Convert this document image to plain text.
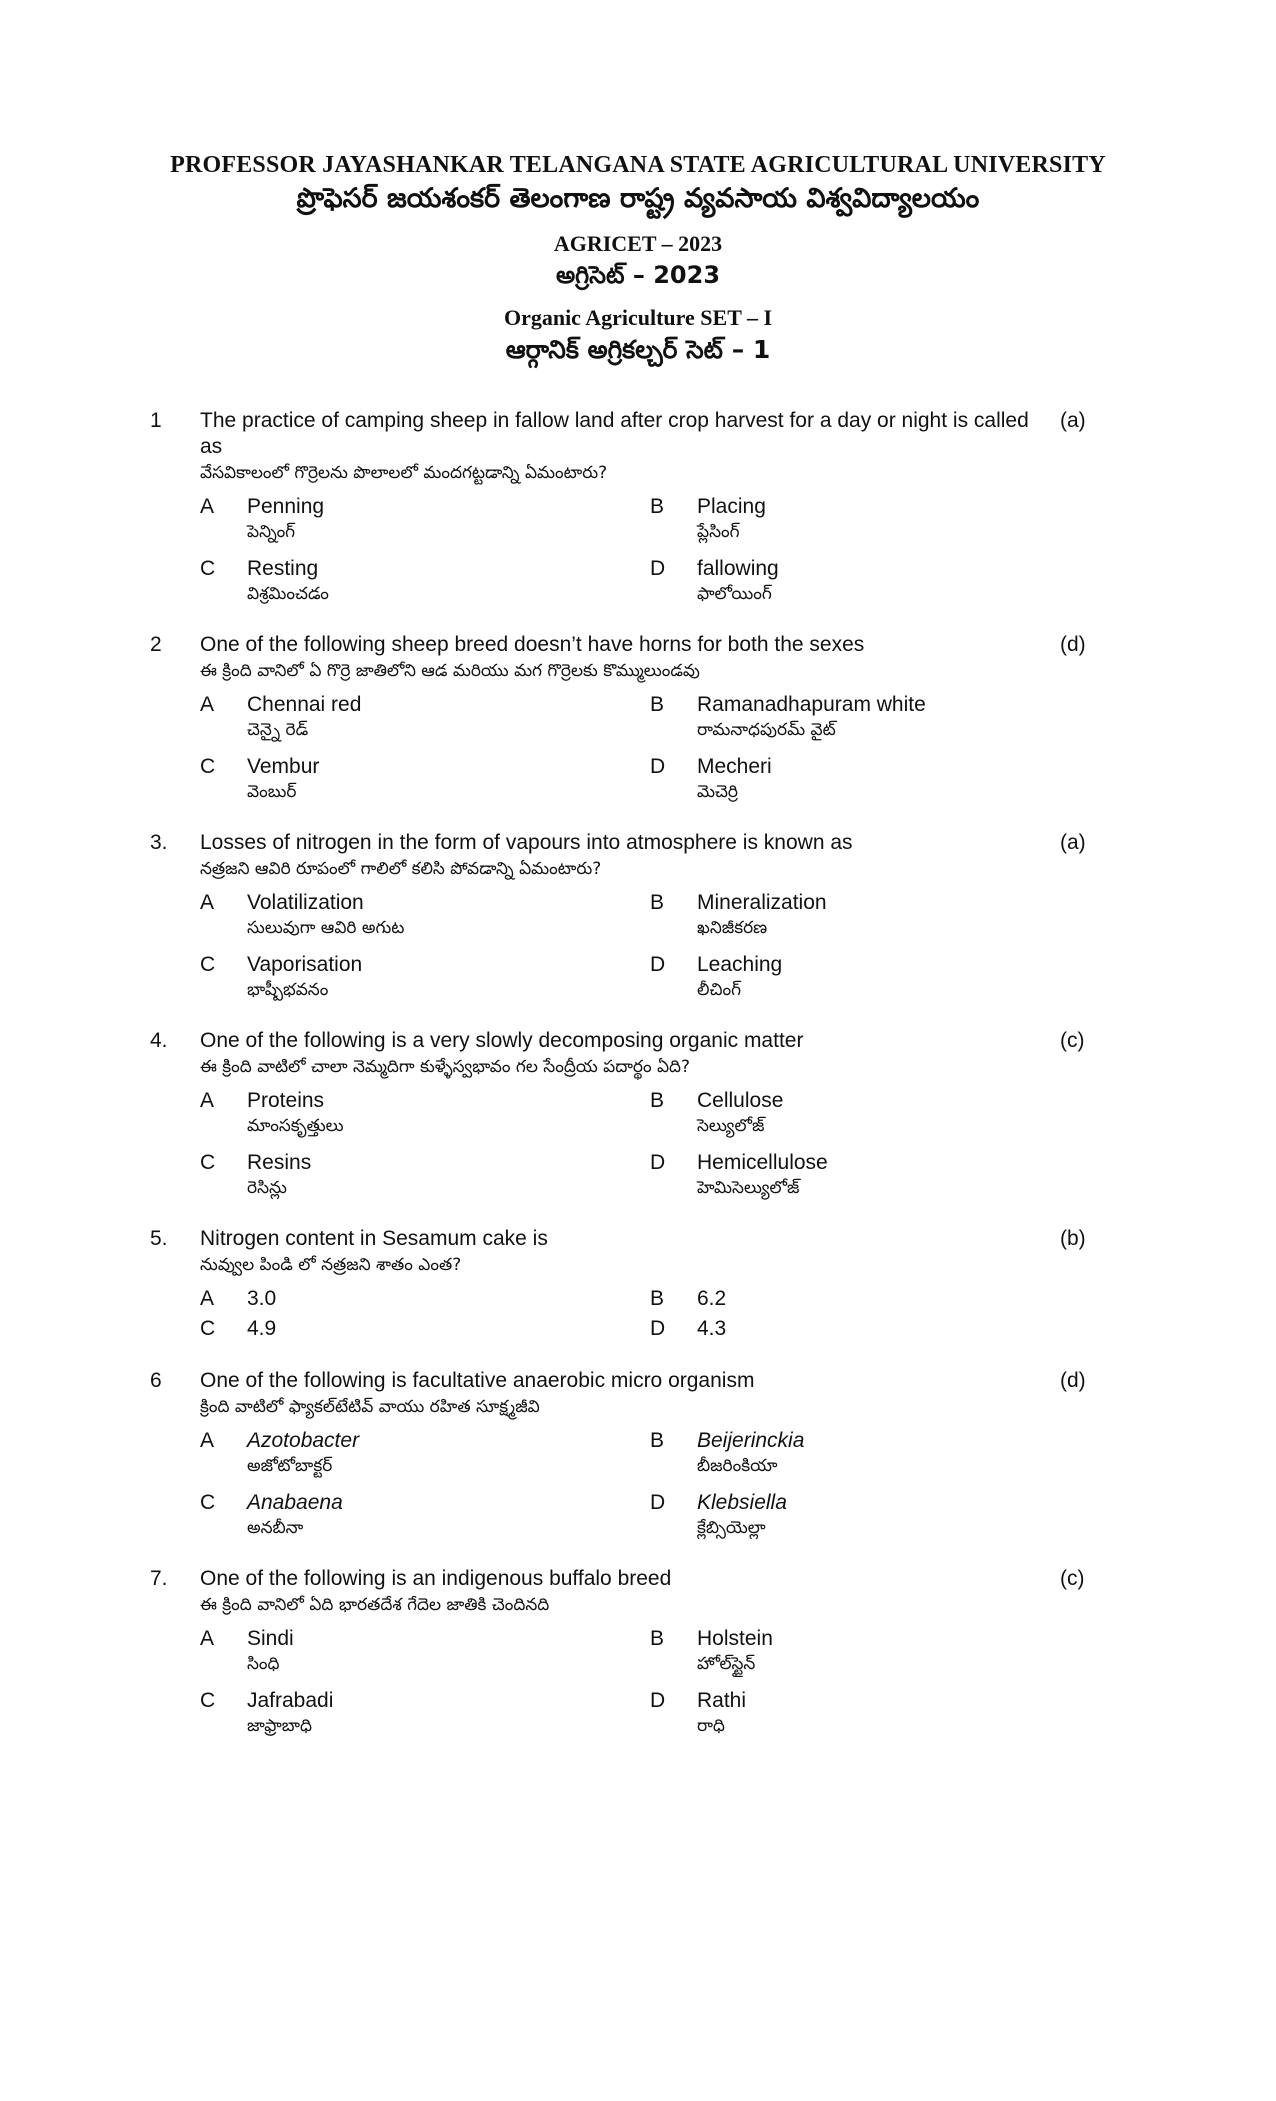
PROFESSOR JAYASHANKAR TELANGANA STATE AGRICULTURAL UNIVERSITY
ప్రొఫెసర్ జయశంకర్ తెలంగాణ రాష్ట్ర వ్యవసాయ విశ్వవిద్యాలయం
AGRICET – 2023
అగ్రిసెట్ – 2023
Organic Agriculture SET – I
ఆర్గానిక్ అగ్రికల్చర్ సెట్ – 1
1	The practice of camping sheep in fallow land after crop harvest for a day or night is called as
వేసవికాలంలో గొర్రెలను పొలాలలో మందగట్టడాన్ని ఏమంటారు?
(a)
A	Penning
పెన్నింగ్
B	Placing
ప్లేసింగ్
C	Resting
విశ్రమించడం
D	fallowing
ఫాలోయింగ్
2	One of the following sheep breed doesn’t have horns for both the sexes
ఈ క్రింది వానిలో ఏ గొర్రె జాతిలోని ఆడ మరియు మగ గొర్రెలకు కొమ్ములుండవు
(d)
A	Chennai red
చెన్నై రెడ్
B	Ramanadhapuram white
రామనాధపురమ్ వైట్
C	Vembur
వెంబుర్
D	Mecheri
మెచెర్రి
3.	Losses of nitrogen in the form of vapours into atmosphere is known as
నత్రజని ఆవిరి రూపంలో గాలిలో కలిసి పోవడాన్ని ఏమంటారు?
(a)
A	Volatilization
సులువుగా ఆవిరి అగుట
B	Mineralization
ఖనిజీకరణ
C	Vaporisation
భాష్పీభవనం
D	Leaching
లీచింగ్
4.	One of the following is a very slowly decomposing organic matter
ఈ క్రింది వాటిలో చాలా నెమ్మదిగా కుళ్ళేస్వభావం గల సేంద్రీయ పదార్థం ఏది?
(c)
A	Proteins
మాంసకృత్తులు
B	Cellulose
సెల్యులోజ్
C	Resins
రెసిన్లు
D	Hemicellulose
హెమిసెల్యులోజ్
5.	Nitrogen content in Sesamum cake is
నువ్వుల పిండి లో నత్రజని శాతం ఎంత?
(b)
A	3.0	B	6.2
C	4.9	D	4.3
6	One of the following is facultative anaerobic micro organism
క్రింది వాటిలో ఫ్యాకల్‌టేటివ్ వాయు రహిత సూక్ష్మజీవి
(d)
A	Azotobacter
అజోటోబాక్టర్
B	Beijerinckia
బీజరింకియా
C	Anabaena
అనబీనా
D	Klebsiella
క్లేబ్సియెల్లా
7.	One of the following is an indigenous buffalo breed
ఈ క్రింది వానిలో ఏది భారతదేశ గేదెల జాతికి చెందినది
(c)
A	Sindi
సింధి
B	Holstein
హోల్‌స్టైన్
C	Jafrabadi
జాఫ్రాబాధి
D	Rathi
రాధి
